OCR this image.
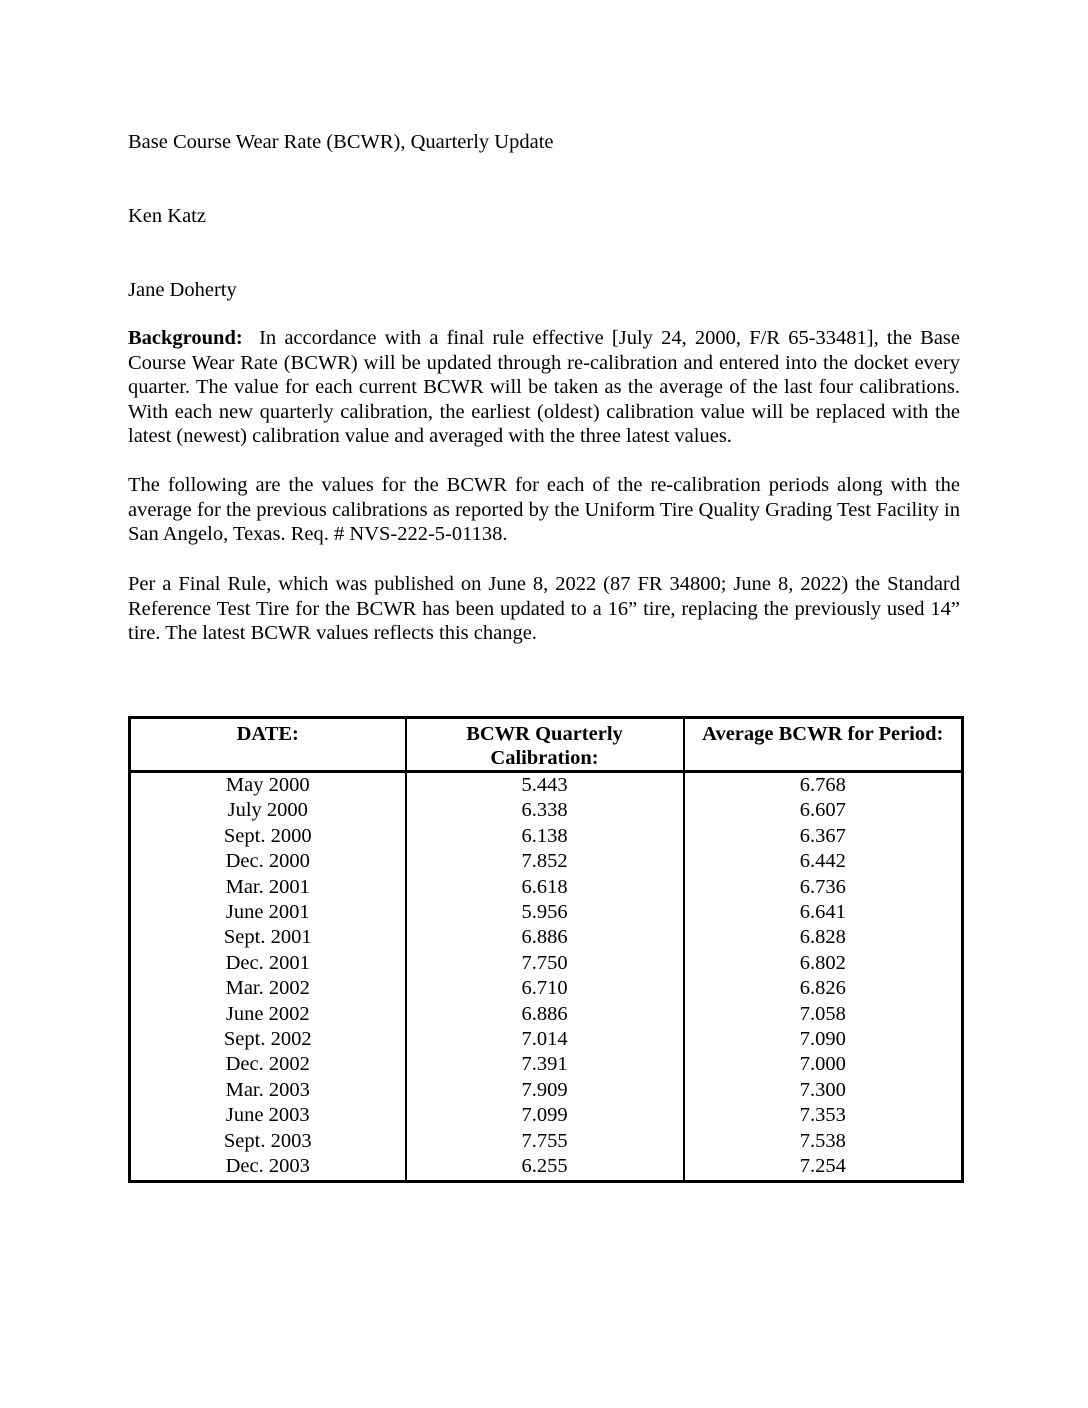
Base Course Wear Rate (BCWR), Quarterly Update
Ken Katz
Jane Doherty
Background: In accordance with a final rule effective [July 24, 2000, F/R 65-33481], the Base Course Wear Rate (BCWR) will be updated through re-calibration and entered into the docket every quarter. The value for each current BCWR will be taken as the average of the last four calibrations. With each new quarterly calibration, the earliest (oldest) calibration value will be replaced with the latest (newest) calibration value and averaged with the three latest values.
The following are the values for the BCWR for each of the re-calibration periods along with the average for the previous calibrations as reported by the Uniform Tire Quality Grading Test Facility in San Angelo, Texas. Req. # NVS-222-5-01138.
Per a Final Rule, which was published on June 8, 2022 (87 FR 34800; June 8, 2022) the Standard Reference Test Tire for the BCWR has been updated to a 16” tire, replacing the previously used 14” tire. The latest BCWR values reflects this change.
DATE:	BCWR Quarterly Calibration:	Average BCWR for Period:
May 2000	5.443	6.768
July 2000	6.338	6.607
Sept. 2000	6.138	6.367
Dec. 2000	7.852	6.442
Mar. 2001	6.618	6.736
June 2001	5.956	6.641
Sept. 2001	6.886	6.828
Dec. 2001	7.750	6.802
Mar. 2002	6.710	6.826
June 2002	6.886	7.058
Sept. 2002	7.014	7.090
Dec. 2002	7.391	7.000
Mar. 2003	7.909	7.300
June 2003	7.099	7.353
Sept. 2003	7.755	7.538
Dec. 2003	6.255	7.254
